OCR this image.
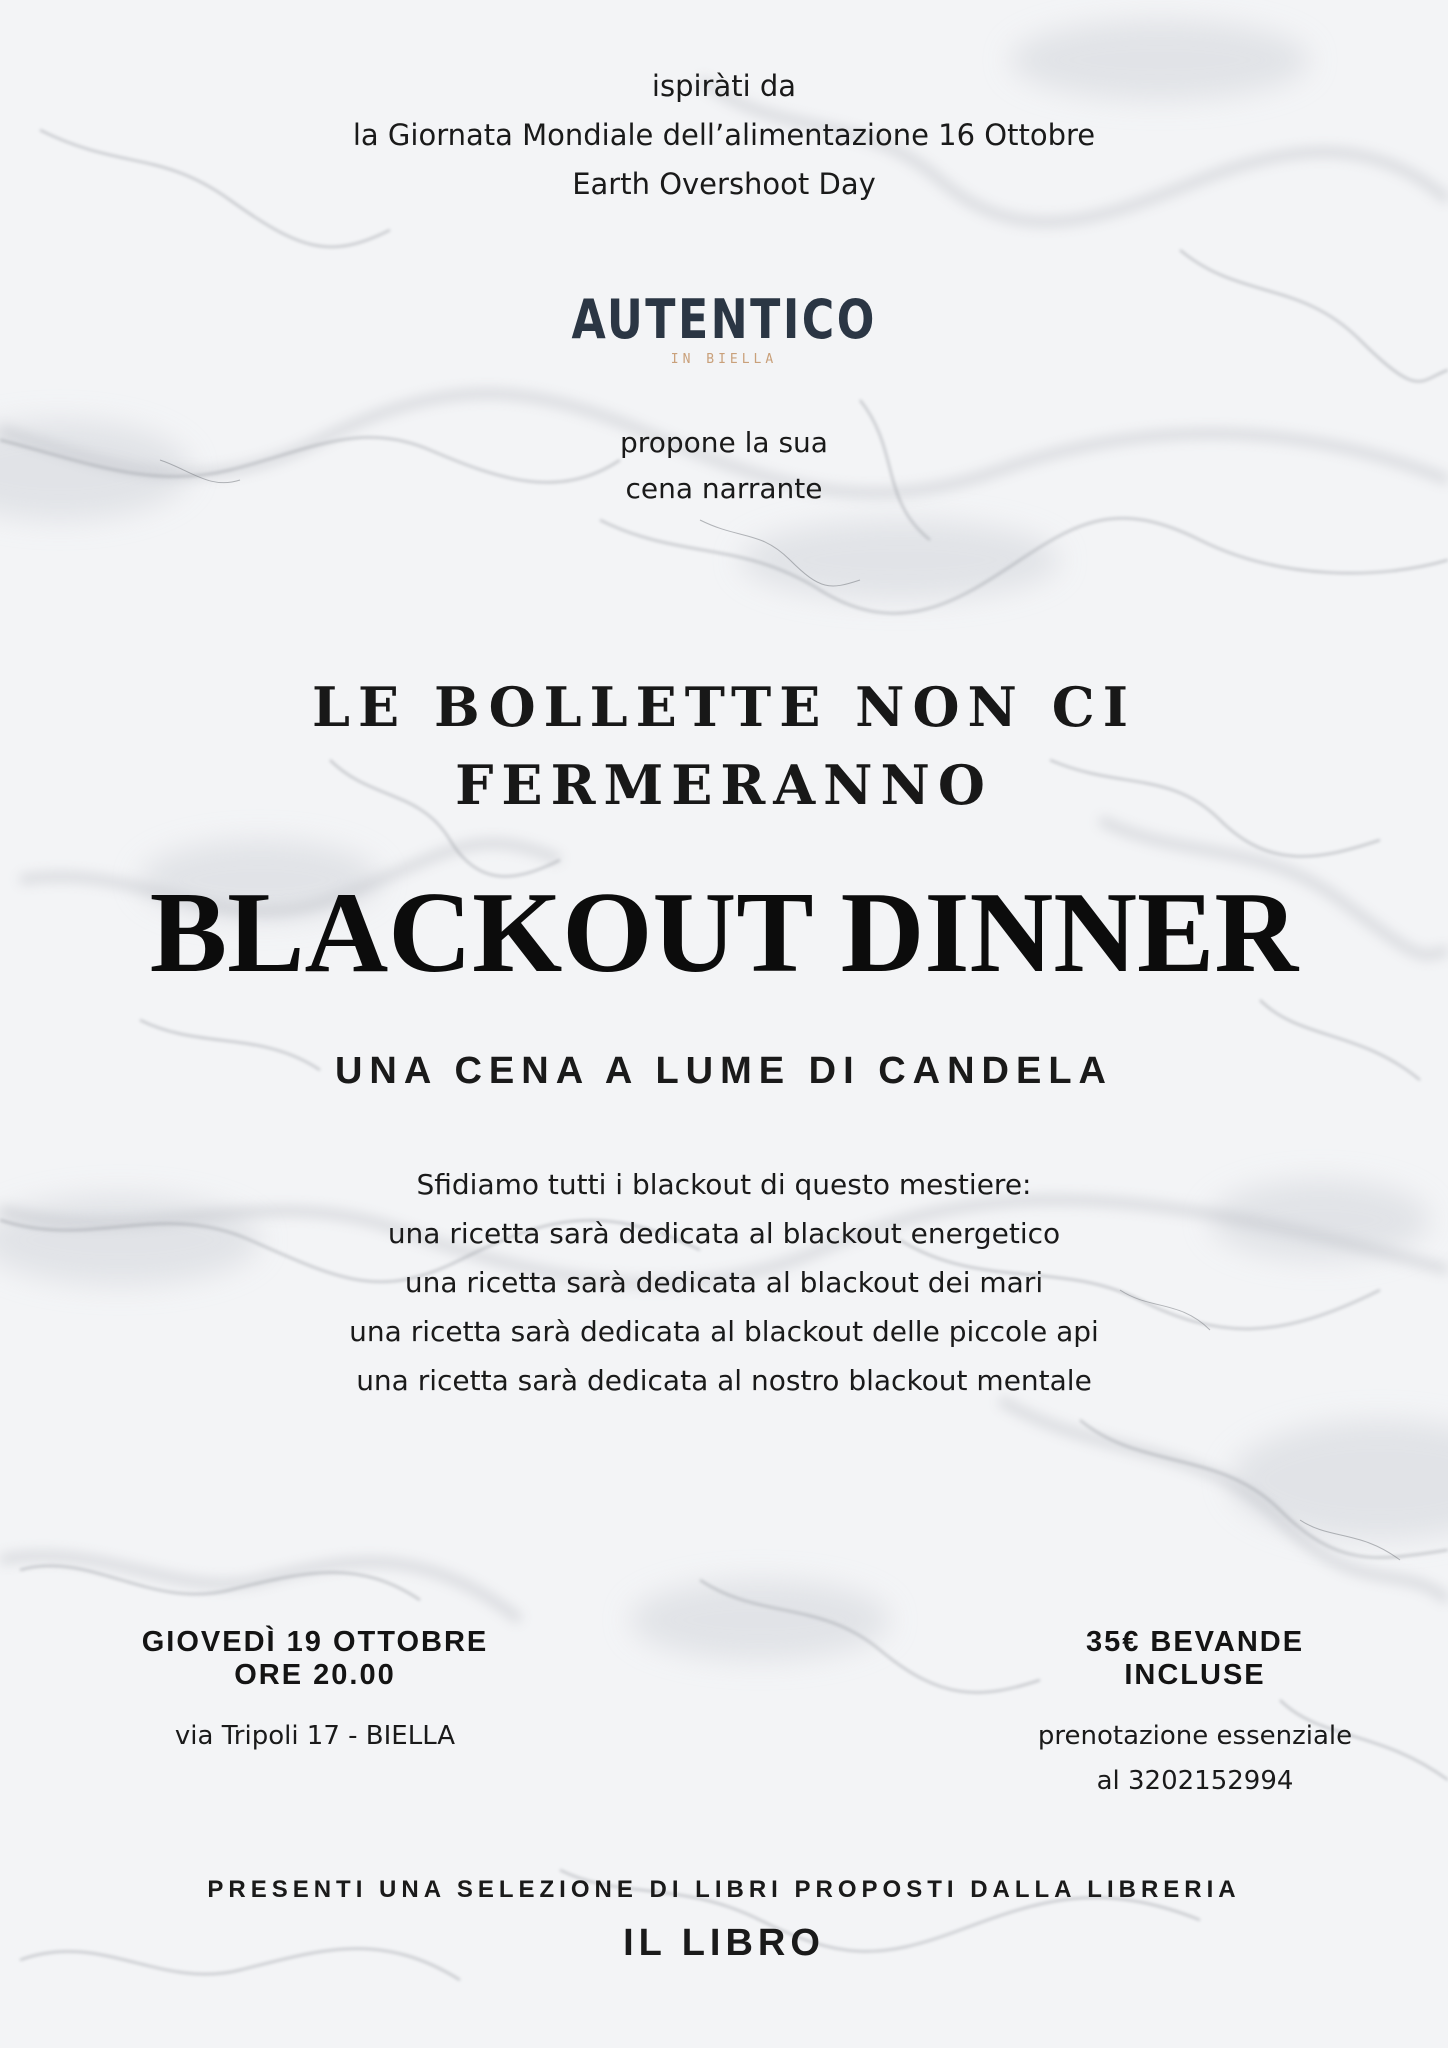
ispiràti da
la Giornata Mondiale dell’alimentazione 16 Ottobre
Earth Overshoot Day
AUTENTICO
IN BIELLA
propone la sua
cena narrante
LE BOLLETTE NON CI
FERMERANNO
BLACKOUT DINNER
UNA CENA A LUME DI CANDELA
Sfidiamo tutti i blackout di questo mestiere:
una ricetta sarà dedicata al blackout energetico
una ricetta sarà dedicata al blackout dei mari
una ricetta sarà dedicata al blackout delle piccole api
una ricetta sarà dedicata al nostro blackout mentale
GIOVEDÌ 19 OTTOBRE
ORE 20.00
via Tripoli 17 - BIELLA
35€ BEVANDE
INCLUSE
prenotazione essenziale
al 3202152994
PRESENTI UNA SELEZIONE DI LIBRI PROPOSTI DALLA LIBRERIA
IL LIBRO
